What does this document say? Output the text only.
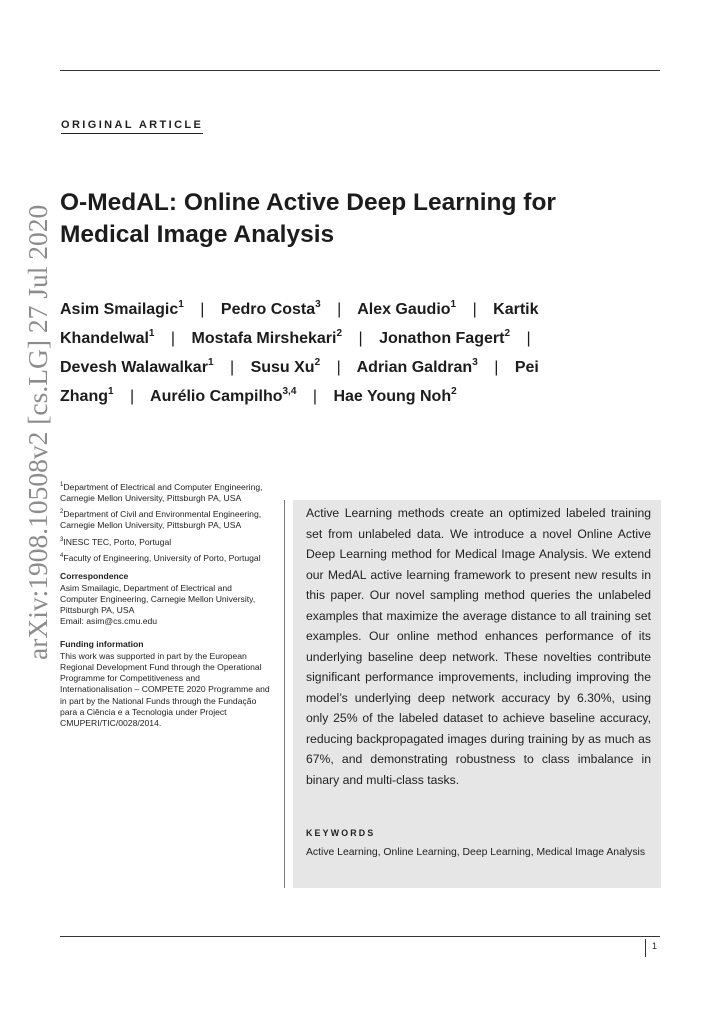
arXiv:1908.10508v2 [cs.LG] 27 Jul 2020
ORIGINAL ARTICLE
O-MedAL: Online Active Deep Learning for Medical Image Analysis
Asim Smailagic$^1$ | Pedro Costa$^3$ | Alex Gaudio$^1$ | Kartik Khandelwal$^1$ | Mostafa Mirshekari$^2$ | Jonathon Fagert$^2$ | Devesh Walawalkar$^1$ | Susu Xu$^2$ | Adrian Galdran$^3$ | Pei Zhang$^1$ | Aurélio Campilho$^{3,4}$ | Hae Young Noh$^2$
$^1$Department of Electrical and Computer Engineering, Carnegie Mellon University, Pittsburgh PA, USA
$^2$Department of Civil and Environmental Engineering, Carnegie Mellon University, Pittsburgh PA, USA
$^3$INESC TEC, Porto, Portugal
$^4$Faculty of Engineering, University of Porto, Portugal
Correspondence
Asim Smailagic, Department of Electrical and Computer Engineering, Carnegie Mellon University, Pittsburgh PA, USA
Email: asim@cs.cmu.edu
Funding information
This work was supported in part by the European Regional Development Fund through the Operational Programme for Competitiveness and Internationalisation – COMPETE 2020 Programme and in part by the National Funds through the Fundação para a Ciência e a Tecnologia under Project CMUPERI/TIC/0028/2014.

Active Learning methods create an optimized labeled training set from unlabeled data. We introduce a novel Online Active Deep Learning method for Medical Image Analysis. We extend our MedAL active learning framework to present new results in this paper. Our novel sampling method queries the unlabeled examples that maximize the average distance to all training set examples. Our online method enhances performance of its underlying baseline deep network. These novelties contribute significant performance improvements, including improving the model’s underlying deep network accuracy by 6.30%, using only 25% of the labeled dataset to achieve baseline accuracy, reducing backpropagated images during training by as much as 67%, and demonstrating robustness to class imbalance in binary and multi-class tasks.

KEYWORDS
Active Learning, Online Learning, Deep Learning, Medical Image Analysis
1
